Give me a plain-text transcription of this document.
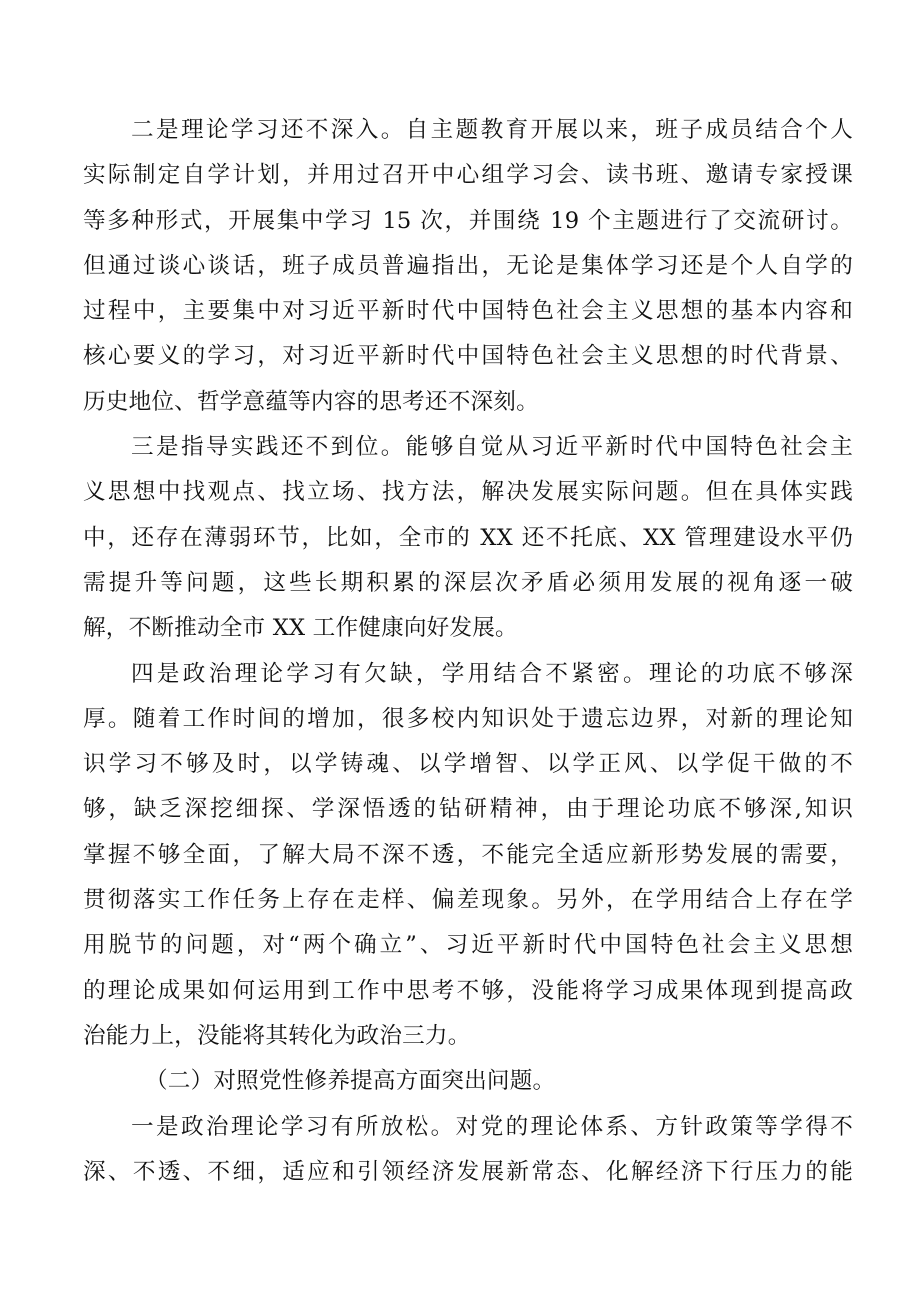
二是理论学习还不深入。自主题教育开展以来，班子成员结合个人
实际制定自学计划，并用过召开中心组学习会、读书班、邀请专家授课
等多种形式，开展集中学习 15 次，并围绕 19 个主题进行了交流研讨。
但通过谈心谈话，班子成员普遍指出，无论是集体学习还是个人自学的
过程中，主要集中对习近平新时代中国特色社会主义思想的基本内容和
核心要义的学习，对习近平新时代中国特色社会主义思想的时代背景、
历史地位、哲学意蕴等内容的思考还不深刻。
三是指导实践还不到位。能够自觉从习近平新时代中国特色社会主
义思想中找观点、找立场、找方法，解决发展实际问题。但在具体实践
中，还存在薄弱环节，比如，全市的 XX 还不托底、XX 管理建设水平仍
需提升等问题，这些长期积累的深层次矛盾必须用发展的视角逐一破
解，不断推动全市 XX 工作健康向好发展。
四是政治理论学习有欠缺，学用结合不紧密。理论的功底不够深
厚。随着工作时间的增加，很多校内知识处于遗忘边界，对新的理论知
识学习不够及时，以学铸魂、以学增智、以学正风、以学促干做的不
够，缺乏深挖细探、学深悟透的钻研精神，由于理论功底不够深,知识
掌握不够全面，了解大局不深不透，不能完全适应新形势发展的需要，
贯彻落实工作任务上存在走样、偏差现象。另外，在学用结合上存在学
用脱节的问题，对“两个确立”、习近平新时代中国特色社会主义思想
的理论成果如何运用到工作中思考不够，没能将学习成果体现到提高政
治能力上，没能将其转化为政治三力。
（二）对照党性修养提高方面突出问题。
一是政治理论学习有所放松。对党的理论体系、方针政策等学得不
深、不透、不细，适应和引领经济发展新常态、化解经济下行压力的能
